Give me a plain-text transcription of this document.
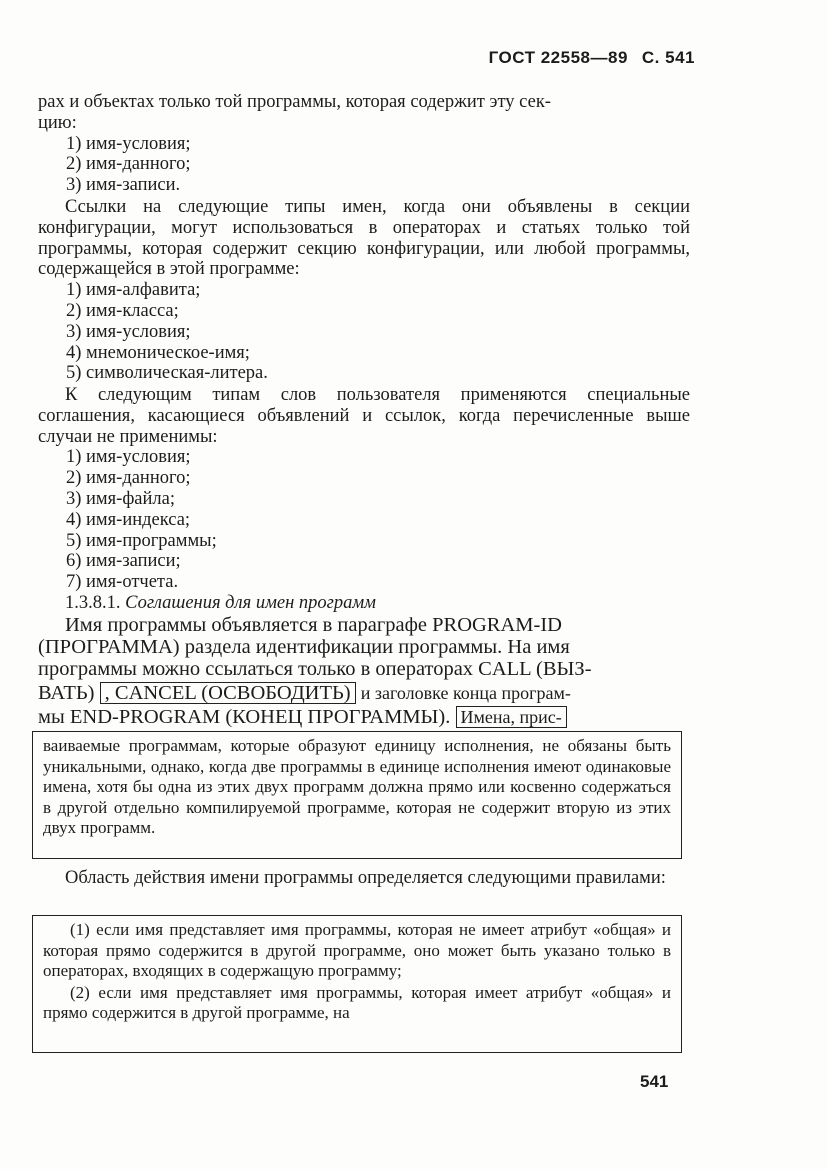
ГОСТ 22558—89 С. 541

рах и объектах только той программы, которая содержит эту сек-

цию:

1) имя-условия;

2) имя-данного;

3) имя-записи.

Ссылки на следующие типы имен, когда они объявлены в секции конфигурации, могут использоваться в операторах и статьях только той программы, которая содержит секцию конфигурации, или любой программы, содержащейся в этой программе:

1) имя-алфавита;

2) имя-класса;

3) имя-условия;

4) мнемоническое-имя;

5) символическая-литера.

К следующим типам слов пользователя применяются специальные соглашения, касающиеся объявлений и ссылок, когда перечисленные выше случаи не применимы:

1) имя-условия;

2) имя-данного;

3) имя-файла;

4) имя-индекса;

5) имя-программы;

6) имя-записи;

7) имя-отчета.

1.3.8.1. Соглашения для имен программ

Имя программы объявляется в параграфе PROGRAM-ID

(ПРОГРАММА) раздела идентификации программы. На имя

программы можно ссылаться только в операторах CALL (ВЫЗ-

ВАТЬ) , CANCEL (ОСВОБОДИТЬ) и заголовке конца програм-

мы END-PROGRAM (КОНЕЦ ПРОГРАММЫ). Имена, прис-

ваиваемые программам, которые образуют единицу исполнения, не обязаны быть уникальными, однако, когда две программы в единице исполнения имеют одинаковые имена, хотя бы одна из этих двух программ должна прямо или косвенно содержаться в другой отдельно компилируемой программе, которая не содержит вторую из этих двух программ.

Область действия имени программы определяется следующими правилами:

(1) если имя представляет имя программы, которая не имеет атрибут «общая» и которая прямо содержится в другой программе, оно может быть указано только в операторах, входящих в содержащую программу;

(2) если имя представляет имя программы, которая имеет атрибут «общая» и прямо содержится в другой программе, на

541
